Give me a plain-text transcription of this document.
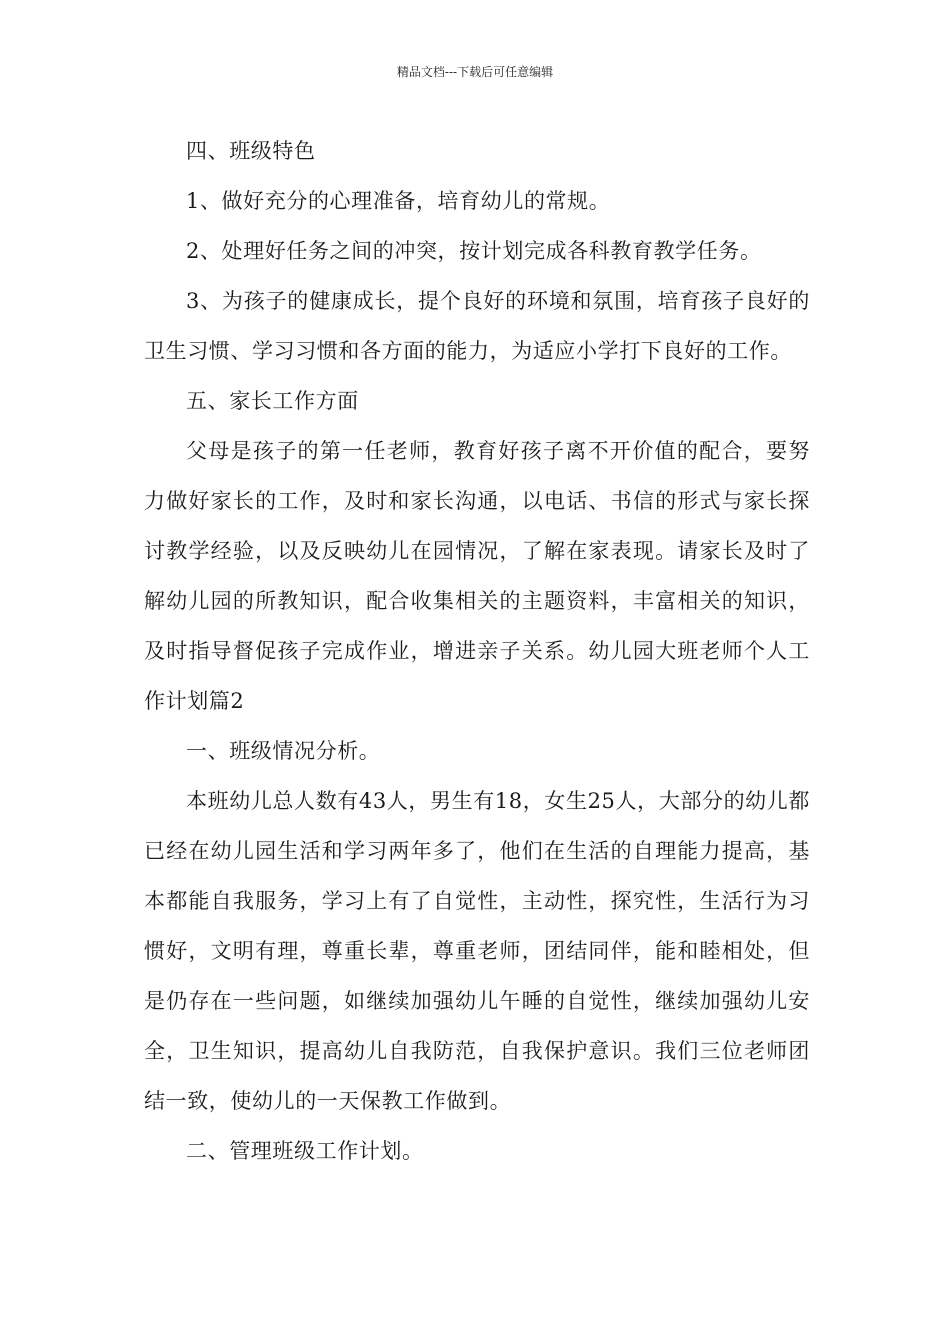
精品文档---下载后可任意编辑

四、班级特色

1、做好充分的心理准备，培育幼儿的常规。

2、处理好任务之间的冲突，按计划完成各科教育教学任务。

3、为孩子的健康成长，提个良好的环境和氛围，培育孩子良好的卫生习惯、学习习惯和各方面的能力，为适应小学打下良好的工作。

五、家长工作方面

父母是孩子的第一任老师，教育好孩子离不开价值的配合，要努力做好家长的工作，及时和家长沟通，以电话、书信的形式与家长探讨教学经验，以及反映幼儿在园情况，了解在家表现。请家长及时了解幼儿园的所教知识，配合收集相关的主题资料，丰富相关的知识，及时指导督促孩子完成作业，增进亲子关系。幼儿园大班老师个人工作计划篇2

一、班级情况分析。

本班幼儿总人数有43人，男生有18，女生25人，大部分的幼儿都已经在幼儿园生活和学习两年多了，他们在生活的自理能力提高，基本都能自我服务，学习上有了自觉性，主动性，探究性，生活行为习惯好，文明有理，尊重长辈，尊重老师，团结同伴，能和睦相处，但是仍存在一些问题，如继续加强幼儿午睡的自觉性，继续加强幼儿安全，卫生知识，提高幼儿自我防范，自我保护意识。我们三位老师团结一致，使幼儿的一天保教工作做到。

二、管理班级工作计划。
